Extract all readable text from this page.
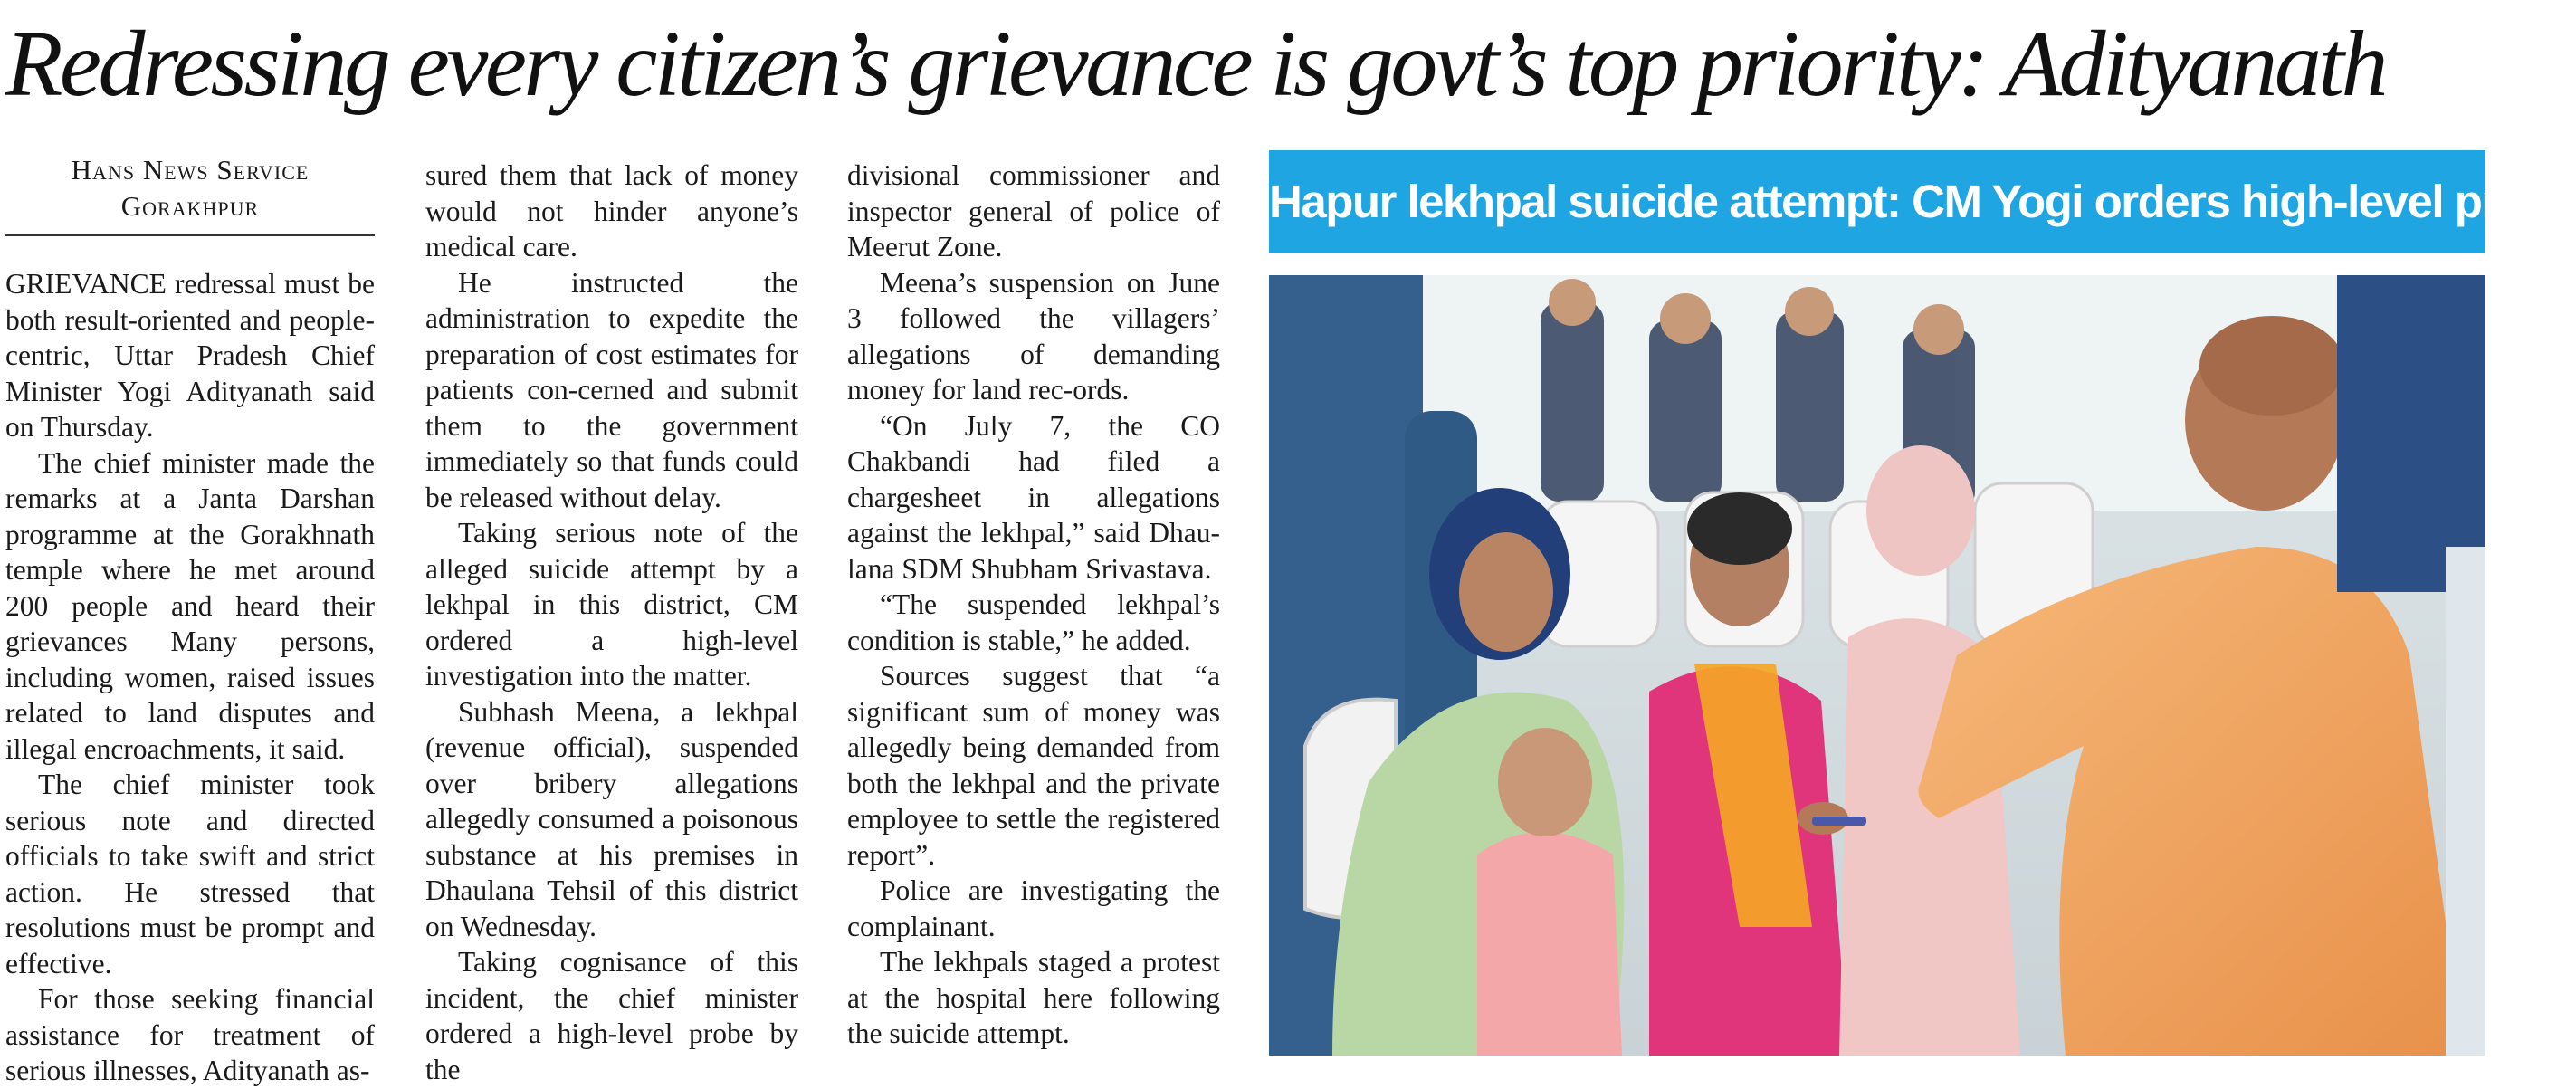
Redressing every citizen’s grievance is govt’s top priority: Adityanath
Hans News Service
Gorakhpur

GRIEVANCE redressal must be both result-oriented and people-centric, Uttar Pradesh Chief Minister Yogi Adityanath said on Thursday.

The chief minister made the remarks at a Janta Darshan programme at the Gorakhnath temple where he met around 200 people and heard their grievances Many persons, including women, raised issues related to land disputes and illegal encroachments, it said.

The chief minister took serious note and directed officials to take swift and strict action. He stressed that resolutions must be prompt and effective.

For those seeking financial assistance for treatment of serious illnesses, Adityanath as-

sured them that lack of money would not hinder anyone’s medical care.

He instructed the administration to expedite the preparation of cost estimates for patients con-cerned and submit them to the government immediately so that funds could be released without delay.

Taking serious note of the alleged suicide attempt by a lekhpal in this district, CM ordered a high-level investigation into the matter.

Subhash Meena, a lekhpal (revenue official), suspended over bribery allegations allegedly consumed a poisonous substance at his premises in Dhaulana Tehsil of this district on Wednesday.

Taking cognisance of this incident, the chief minister ordered a high-level probe by the

divisional commissioner and inspector general of police of Meerut Zone.

Meena’s suspension on June 3 followed the villagers’ allegations of demanding money for land rec-ords.

“On July 7, the CO Chakbandi had filed a chargesheet in allegations against the lekhpal,” said Dhau-lana SDM Shubham Srivastava.

“The suspended lekhpal’s condition is stable,” he added.

Sources suggest that “a significant sum of money was allegedly being demanded from both the lekhpal and the private employee to settle the registered report”.

Police are investigating the complainant.

The lekhpals staged a protest at the hospital here following the suicide attempt.

Hapur lekhpal suicide attempt: CM Yogi orders high-level probe
